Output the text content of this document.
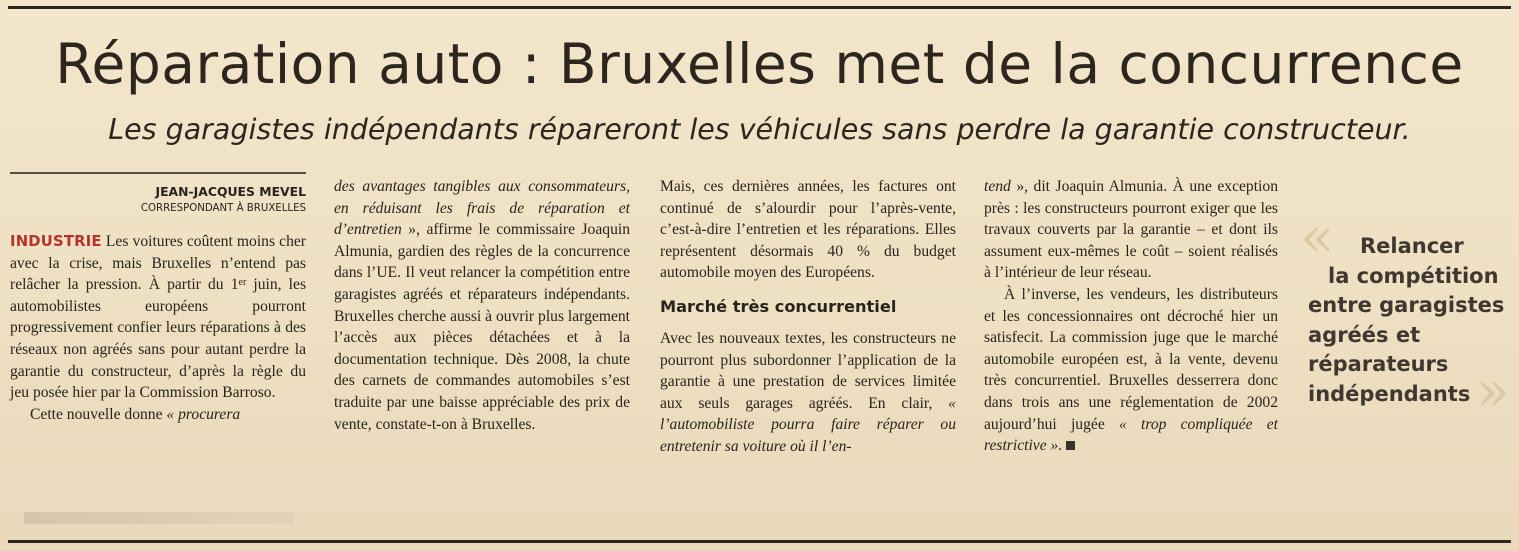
Réparation auto : Bruxelles met de la concurrence
Les garagistes indépendants répareront les véhicules sans perdre la garantie constructeur.
JEAN-JACQUES MEVEL
CORRESPONDANT À BRUXELLES

INDUSTRIE Les voitures coûtent moins cher avec la crise, mais Bruxelles n’entend pas relâcher la pression. À partir du 1er juin, les automobilistes européens pourront progressivement confier leurs réparations à des réseaux non agréés sans pour autant perdre la garantie du constructeur, d’après la règle du jeu posée hier par la Commission Barroso.

Cette nouvelle donne « procurera

des avantages tangibles aux consommateurs, en réduisant les frais de réparation et d’entretien », affirme le commissaire Joaquin Almunia, gardien des règles de la concurrence dans l’UE. Il veut relancer la compétition entre garagistes agréés et réparateurs indépendants. Bruxelles cherche aussi à ouvrir plus largement l’accès aux pièces détachées et à la documentation technique. Dès 2008, la chute des carnets de commandes automobiles s’est traduite par une baisse appréciable des prix de vente, constate-t-on à Bruxelles.

Mais, ces dernières années, les factures ont continué de s’alourdir pour l’après-vente, c’est-à-dire l’entretien et les réparations. Elles représentent désormais 40 % du budget automobile moyen des Européens.

Marché très concurrentiel

Avec les nouveaux textes, les constructeurs ne pourront plus subordonner l’application de la garantie à une prestation de services limitée aux seuls garages agréés. En clair, « l’automobiliste pourra faire réparer ou entretenir sa voiture où il l’en-

tend », dit Joaquin Almunia. À une exception près : les constructeurs pourront exiger que les travaux couverts par la garantie – et dont ils assument eux-mêmes le coût – soient réalisés à l’intérieur de leur réseau.

À l’inverse, les vendeurs, les distributeurs et les concessionnaires ont décroché hier un satisfecit. La commission juge que le marché automobile européen est, à la vente, devenu très concurrentiel. Bruxelles desserrera donc dans trois ans une réglementation de 2002 aujourd’hui jugée « trop compliquée et restrictive ».

«	Relancer
la compétition
entre garagistes
agréés et
réparateurs
indépendants »
